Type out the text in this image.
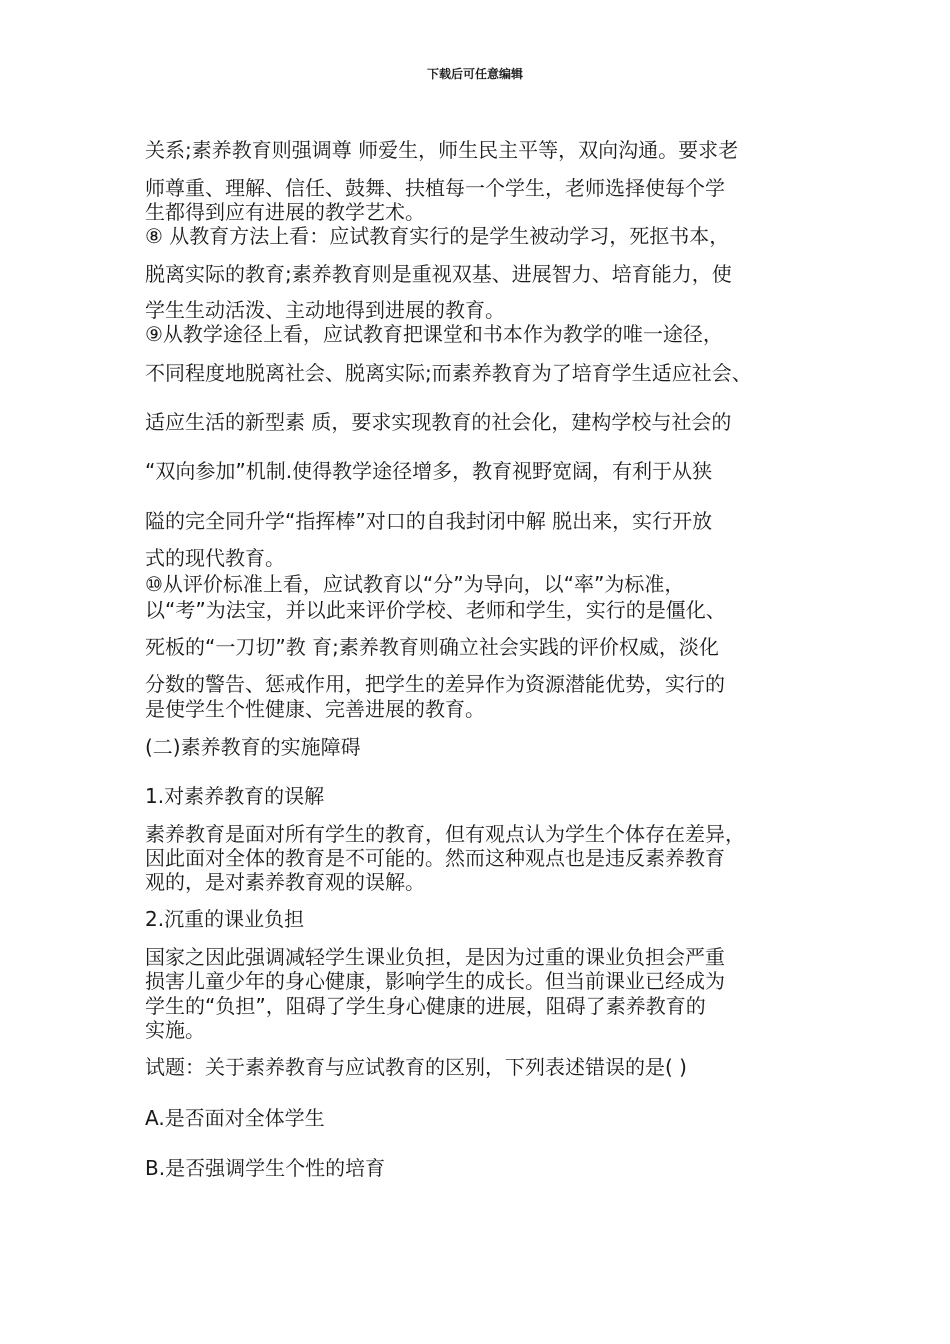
下载后可任意编辑
关系;素养教育则强调尊 师爱生，师生民主平等，双向沟通。要求老
师尊重、理解、信任、鼓舞、扶植每一个学生，老师选择使每个学
生都得到应有进展的教学艺术。
⑧ 从教育方法上看：应试教育实行的是学生被动学习，死抠书本，
脱离实际的教育;素养教育则是重视双基、进展智力、培育能力，使
学生生动活泼、主动地得到进展的教育。
⑨从教学途径上看，应试教育把课堂和书本作为教学的唯一途径，
不同程度地脱离社会、脱离实际;而素养教育为了培育学生适应社会、
适应生活的新型素 质，要求实现教育的社会化，建构学校与社会的
“双向参加”机制.使得教学途径增多，教育视野宽阔，有利于从狭
隘的完全同升学“指挥棒”对口的自我封闭中解 脱出来，实行开放
式的现代教育。
⑩从评价标准上看，应试教育以“分”为导向，以“率”为标准，
以“考”为法宝，并以此来评价学校、老师和学生，实行的是僵化、
死板的“一刀切”教 育;素养教育则确立社会实践的评价权威，淡化
分数的警告、惩戒作用，把学生的差异作为资源潜能优势，实行的
是使学生个性健康、完善进展的教育。
(二)素养教育的实施障碍
1.对素养教育的误解
素养教育是面对所有学生的教育，但有观点认为学生个体存在差异，
因此面对全体的教育是不可能的。然而这种观点也是违反素养教育
观的，是对素养教育观的误解。
2.沉重的课业负担
国家之因此强调减轻学生课业负担，是因为过重的课业负担会严重
损害儿童少年的身心健康，影响学生的成长。但当前课业已经成为
学生的“负担”，阻碍了学生身心健康的进展，阻碍了素养教育的
实施。
试题：关于素养教育与应试教育的区别，下列表述错误的是( )
A.是否面对全体学生
B.是否强调学生个性的培育
